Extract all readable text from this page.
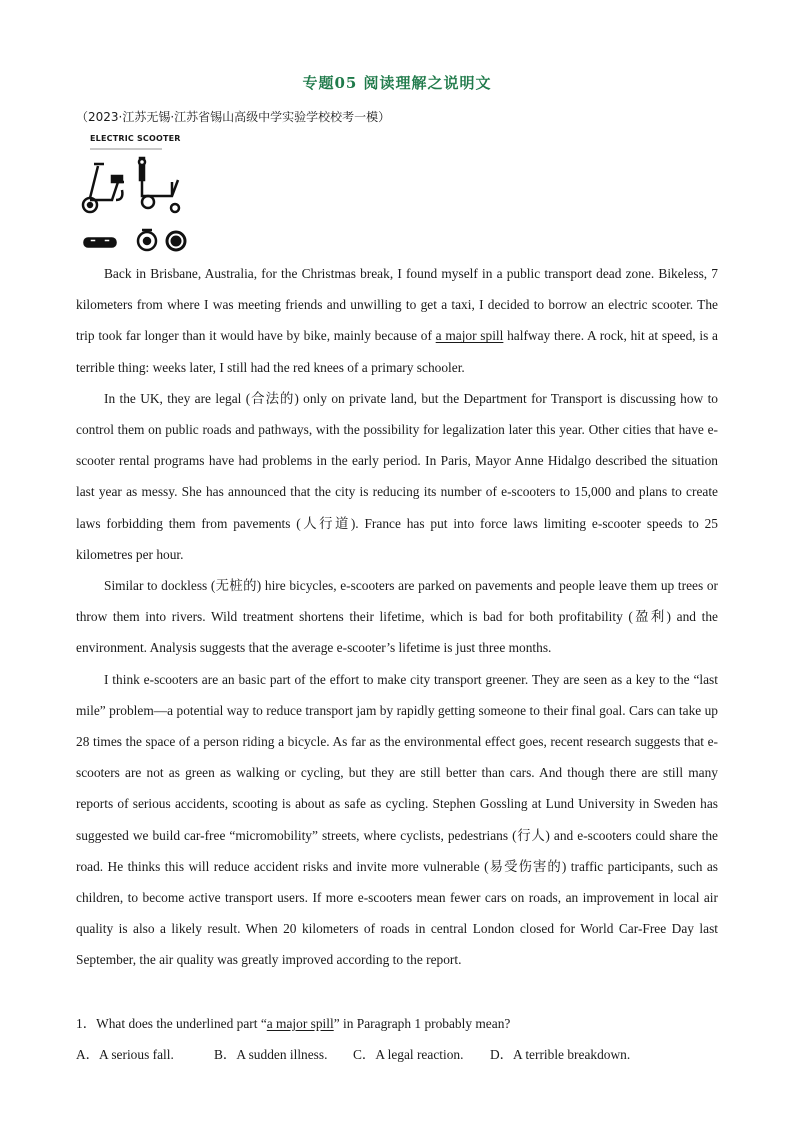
专题05 阅读理解之说明文
（2023·江苏无锡·江苏省锡山高级中学实验学校校考一模）
ELECTRIC SCOOTER

Back in Brisbane, Australia, for the Christmas break, I found myself in a public transport dead zone. Bikeless, 7 kilometers from where I was meeting friends and unwilling to get a taxi, I decided to borrow an electric scooter. The trip took far longer than it would have by bike, mainly because of a major spill halfway there. A rock, hit at speed, is a terrible thing: weeks later, I still had the red knees of a primary schooler.

In the UK, they are legal (合法的) only on private land, but the Department for Transport is discussing how to control them on public roads and pathways, with the possibility for legalization later this year. Other cities that have e-scooter rental programs have had problems in the early period. In Paris, Mayor Anne Hidalgo described the situation last year as messy. She has announced that the city is reducing its number of e-scooters to 15,000 and plans to create laws forbidding them from pavements (人行道). France has put into force laws limiting e-scooter speeds to 25 kilometres per hour.

Similar to dockless (无桩的) hire bicycles, e-scooters are parked on pavements and people leave them up trees or throw them into rivers. Wild treatment shortens their lifetime, which is bad for both profitability (盈利) and the environment. Analysis suggests that the average e-scooter’s lifetime is just three months.

I think e-scooters are an basic part of the effort to make city transport greener. They are seen as a key to the “last mile” problem—a potential way to reduce transport jam by rapidly getting someone to their final goal. Cars can take up 28 times the space of a person riding a bicycle. As far as the environmental effect goes, recent research suggests that e-scooters are not as green as walking or cycling, but they are still better than cars. And though there are still many reports of serious accidents, scooting is about as safe as cycling. Stephen Gossling at Lund University in Sweden has suggested we build car-free “micromobility” streets, where cyclists, pedestrians (行人) and e-scooters could share the road. He thinks this will reduce accident risks and invite more vulnerable (易受伤害的) traffic participants, such as children, to become active transport users. If more e-scooters mean fewer cars on roads, an improvement in local air quality is also a likely result. When 20 kilometers of roads in central London closed for World Car-Free Day last September, the air quality was greatly improved according to the report.

1．What does the underlined part “a major spill” in Paragraph 1 probably mean?
A．A serious fall.	B．A sudden illness. C．A legal reaction. D．A terrible breakdown.
